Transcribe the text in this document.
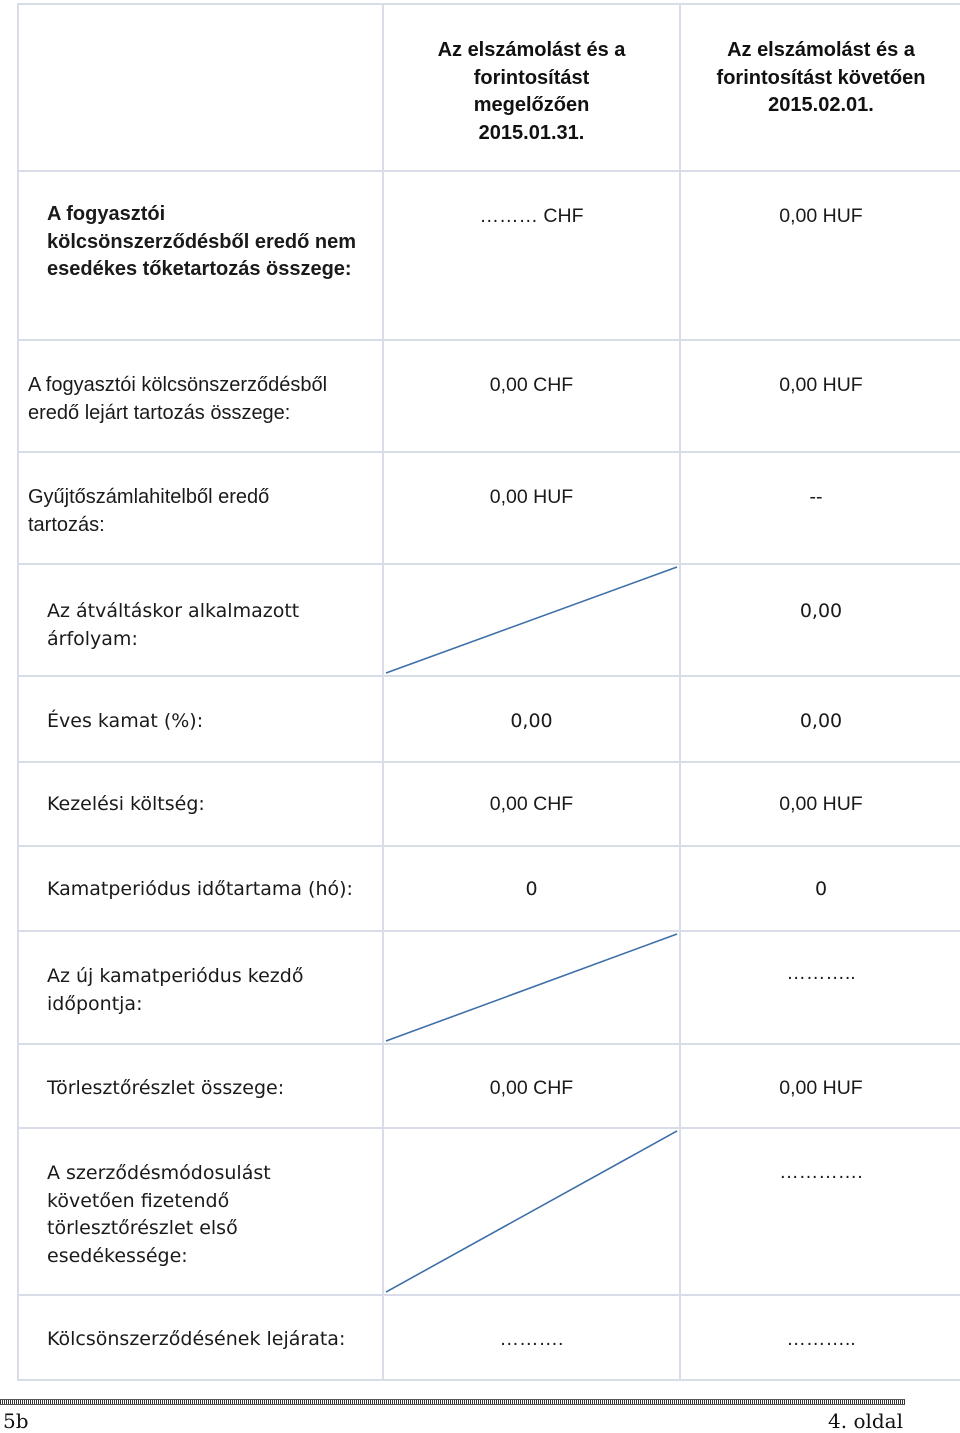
	Az elszámolást és a forintosítást megelőzően 2015.01.31.	Az elszámolást és a forintosítást követően 2015.02.01.

A fogyasztói kölcsönszerződésből eredő nem esedékes tőketartozás összege:	……… CHF	0,00 HUF

A fogyasztói kölcsönszerződésből eredő lejárt tartozás összege:	0,00 CHF	0,00 HUF

Gyűjtőszámlahitelből eredő tartozás:	0,00 HUF	--

Az átváltáskor alkalmazott árfolyam:		0,00

Éves kamat (%):	0,00	0,00

Kezelési költség:	0,00 CHF	0,00 HUF

Kamatperiódus időtartama (hó):	0	0

Az új kamatperiódus kezdő időpontja:		………..

Törlesztőrészlet összege:	0,00 CHF	0,00 HUF

A szerződésmódosulást követően fizetendő törlesztőrészlet első esedékessége:		………….

Kölcsönszerződésének lejárata:	……….	………..
5b	4. oldal
